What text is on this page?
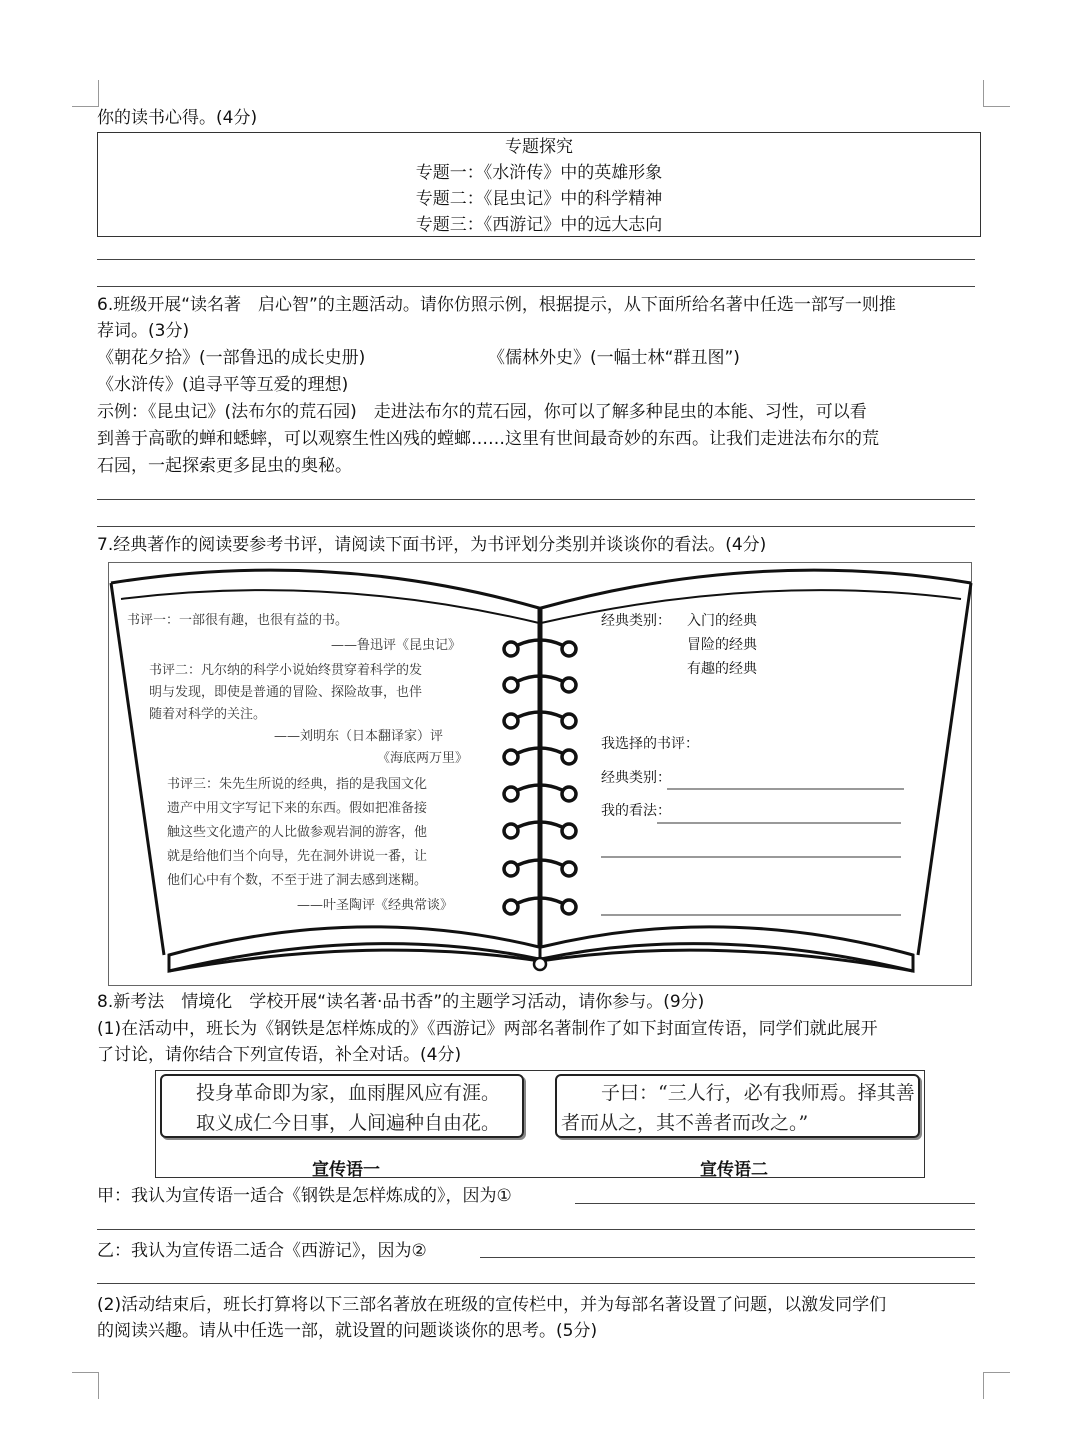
你的读书心得。(4分)
专题探究
专题一：《水浒传》中的英雄形象
专题二：《昆虫记》中的科学精神
专题三：《西游记》中的远大志向
6.班级开展“读名著　启心智”的主题活动。请你仿照示例，根据提示，从下面所给名著中任选一部写一则推
荐词。(3分)
《朝花夕拾》(一部鲁迅的成长史册)	《儒林外史》(一幅士林“群丑图”)
《水浒传》(追寻平等互爱的理想)
示例：《昆虫记》(法布尔的荒石园)　走进法布尔的荒石园，你可以了解多种昆虫的本能、习性，可以看
到善于高歌的蝉和蟋蟀，可以观察生性凶残的螳螂……这里有世间最奇妙的东西。让我们走进法布尔的荒
石园，一起探索更多昆虫的奥秘。
7.经典著作的阅读要参考书评，请阅读下面书评，为书评划分类别并谈谈你的看法。(4分)
书评一：一部很有趣，也很有益的书。
——鲁迅评《昆虫记》
书评二：凡尔纳的科学小说始终贯穿着科学的发
明与发现，即使是普通的冒险、探险故事，也伴
随着对科学的关注。
——刘明东（日本翻译家）评
《海底两万里》
书评三：朱先生所说的经典，指的是我国文化
遗产中用文字写记下来的东西。假如把准备接
触这些文化遗产的人比做参观岩洞的游客，他
就是给他们当个向导，先在洞外讲说一番，让
他们心中有个数，不至于进了洞去感到迷糊。
——叶圣陶评《经典常谈》
经典类别： 入门的经典
冒险的经典
有趣的经典
我选择的书评：
经典类别：
我的看法：
8.新考法　情境化　学校开展“读名著·品书香”的主题学习活动，请你参与。(9分)
(1)在活动中，班长为《钢铁是怎样炼成的》《西游记》两部名著制作了如下封面宣传语，同学们就此展开
了讨论，请你结合下列宣传语，补全对话。(4分)
投身革命即为家，血雨腥风应有涯。
取义成仁今日事，人间遍种自由花。
子曰：“三人行，必有我师焉。择其善
者而从之，其不善者而改之。”
宣传语一	宣传语二
甲：我认为宣传语一适合《钢铁是怎样炼成的》，因为①
乙：我认为宣传语二适合《西游记》，因为②
(2)活动结束后，班长打算将以下三部名著放在班级的宣传栏中，并为每部名著设置了问题，以激发同学们
的阅读兴趣。请从中任选一部，就设置的问题谈谈你的思考。(5分)
